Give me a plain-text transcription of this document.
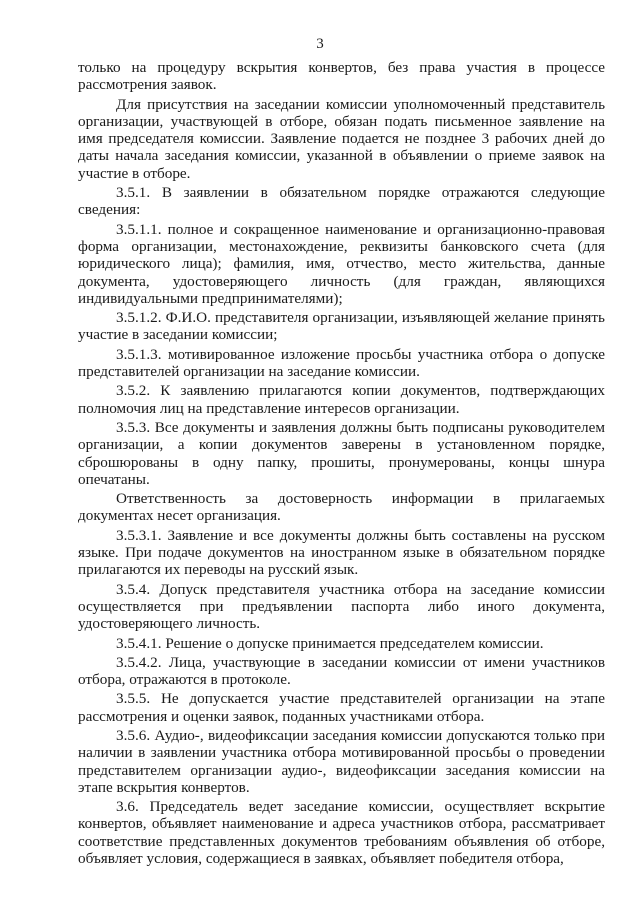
3

только на процедуру вскрытия конвертов, без права участия в процессе рассмотрения заявок.

Для присутствия на заседании комиссии уполномоченный представитель организации, участвующей в отборе, обязан подать письменное заявление на имя председателя комиссии. Заявление подается не позднее 3 рабочих дней до даты начала заседания комиссии, указанной в объявлении о приеме заявок на участие в отборе.

3.5.1. В заявлении в обязательном порядке отражаются следующие сведения:

3.5.1.1. полное и сокращенное наименование и организационно-правовая форма организации, местонахождение, реквизиты банковского счета (для юридического лица); фамилия, имя, отчество, место жительства, данные документа, удостоверяющего личность (для граждан, являющихся индивидуальными предпринимателями);

3.5.1.2. Ф.И.О. представителя организации, изъявляющей желание принять участие в заседании комиссии;

3.5.1.3. мотивированное изложение просьбы участника отбора о допуске представителей организации на заседание комиссии.

3.5.2. К заявлению прилагаются копии документов, подтверждающих полномочия лиц на представление интересов организации.

3.5.3. Все документы и заявления должны быть подписаны руководителем организации, а копии документов заверены в установленном порядке, сброшюрованы в одну папку, прошиты, пронумерованы, концы шнура опечатаны.

Ответственность за достоверность информации в прилагаемых документах несет организация.

3.5.3.1. Заявление и все документы должны быть составлены на русском языке. При подаче документов на иностранном языке в обязательном порядке прилагаются их переводы на русский язык.

3.5.4. Допуск представителя участника отбора на заседание комиссии осуществляется при предъявлении паспорта либо иного документа, удостоверяющего личность.

3.5.4.1. Решение о допуске принимается председателем комиссии.

3.5.4.2. Лица, участвующие в заседании комиссии от имени участников отбора, отражаются в протоколе.

3.5.5. Не допускается участие представителей организации на этапе рассмотрения и оценки заявок, поданных участниками отбора.

3.5.6. Аудио-, видеофиксации заседания комиссии допускаются только при наличии в заявлении участника отбора мотивированной просьбы о проведении представителем организации аудио-, видеофиксации заседания комиссии на этапе вскрытия конвертов.

3.6. Председатель ведет заседание комиссии, осуществляет вскрытие конвертов, объявляет наименование и адреса участников отбора, рассматривает соответствие представленных документов требованиям объявления об отборе, объявляет условия, содержащиеся в заявках, объявляет победителя отбора,
